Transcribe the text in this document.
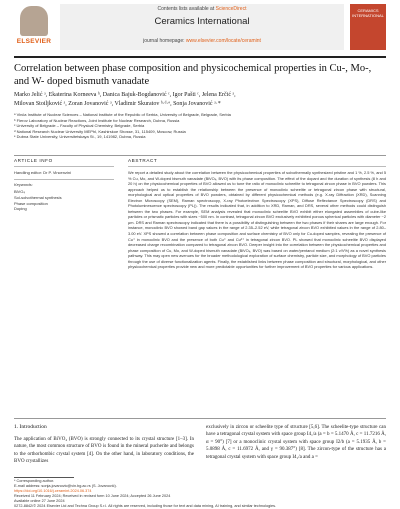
ELSEVIER
Contents lists available at ScienceDirect
Ceramics International
journal homepage: www.elsevier.com/locate/ceramint
CERAMICS INTERNATIONAL
Correlation between phase composition and physicochemical properties in Cu-, Mo-, and W- doped bismuth vanadate
Marko Jelić ᵃ, Ekaterina Korneeva ᵇ, Danica Bajuk-Bogdanović ᶜ, Igor Pašti ᶜ, Jelena Erčić ᵃ,
Milovan Stoiljković ᵃ, Zoran Jovanović ᵃ, Vladimir Skuratov ᵇ·ᵈ·ᵉ, Sonja Jovanović ᵃ·*
ᵃ Vinča Institute of Nuclear Sciences – National Institute of the Republic of Serbia, University of Belgrade, Belgrade, Serbia
ᵇ Flerov Laboratory of Nuclear Reactions, Joint Institute for Nuclear Research, Dubna, Russia
ᶜ University of Belgrade – Faculty of Physical Chemistry, Belgrade, Serbia
ᵈ National Research Nuclear University MEPhI, Kashirskoe Shosse, 31, 115409, Moscow, Russia
ᵉ Dubna State University, Universitetskaya St., 19, 141982, Dubna, Russia
ARTICLE INFO
Handling editor: Dr P. Vincenzini
Keywords:
BiVO₄
Sol-solvothermal synthesis
Phase composition
Doping
ABSTRACT
We report a detailed study about the correlation between the physicochemical properties of solvothermally synthesized pristine and 1 %, 2.5 %, and 5 % Cu, Mo, and W-doped bismuth vanadate (BiVO₄, BVO) with its phase composition. The effect of the dopant and the duration of synthesis (8 h and 20 h) on the physicochemical properties of BVO allowed us to tune the ratio of monoclinic scheelite to tetragonal zircon phase in BVO powders. This approach helped us to establish the relationship between the presence of monoclinic scheelite or tetragonal zircon phase with structural, morphological and optical properties of BVO powders, obtained by different physicochemical methods (e.g. X-ray Diffraction (XRD), Scanning Electron Microscopy (SEM), Raman spectroscopy, X-ray Photoelectron Spectroscopy (XPS), Diffuse Reflectance Spectroscopy (DRS) and Photoluminescence spectroscopy (PL)). The results indicated that, in addition to XRD, Raman, and DRS, several other methods could distinguish between the two phases. For example, SEM analysis revealed that monoclinic scheelite BVO exhibit either elongated assemblies of cube-like particles or prismatic particles with sizes ~500 nm. In contrast, tetragonal zircon BVO exclusively exhibited porous spherical particles with diameter ~2 μm. DRS and Raman spectroscopy indicated that there is a possibility of distinguishing between the two phases if their shares are large enough. For instance, monoclinic BVO showed band gap values in the range of 2.35–2.52 eV, while tetragonal zircon BVO exhibited values in the range of 2.80–3.00 eV. XPS showed a correlation between phase composition and surface chemistry of BVO only for Cu-doped samples, revealing the presence of Cu⁺ in monoclinic BVO and the presence of both Cu⁺ and Cu²⁺ in tetragonal zircon BVO. PL showed that monoclinic scheelite BVO displayed decreased charge recombination compared to tetragonal zircon BVO. Deeper insight into the correlation between the physicochemical properties and phase composition of Cu, Mo, and W-doped bismuth vanadate (BiVO₄, BVO) was based on water/pentanol medium (2:1 v/V%) as a novel synthesis pathway. This may open new avenues for the broader methodological exploration of surface chemistry, particle size, and morphology of BVO particles through the use of diverse functionalization agents. Finally, the established links between phase composition and structural, morphological, and other physicochemical properties provide new and more predictable opportunities for further improvement of BVO properties for various applications.
1. Introduction
The application of BiVO₄ (BVO) is strongly connected to its crystal structure [1–3]. In nature, the most common structure of BVO is found in the mineral pucherite and belongs to the orthorhombic crystal system [4]. On the other hand, in laboratory conditions, the BVO crystallizes
exclusively in zircon or scheelite type of structure [5,6]. The scheelite-type structure can have a tetragonal crystal system with space group I4₁/a (a = b = 5.1470 Å, c = 11.7216 Å, α = 90°) [7] or a monoclinic crystal system with space group I2/b (a = 5.1935 Å, b = 5.0898 Å, c = 11.6972 Å, and γ = 90.387°) [8]. The zircon-type of the structure has a tetragonal crystal system with space group I4₁/a and a =
* Corresponding author.
E-mail address: sonja.jovanovic@vin.bg.ac.rs (S. Jovanović).
https://doi.org/10.1016/j.ceramint.2024.06.374
Received 11 February 2024; Received in revised form 10 June 2024; Accepted 26 June 2024
Available online 27 June 2024
0272-8842/© 2024 Elsevier Ltd and Techna Group S.r.l. All rights are reserved, including those for text and data mining, AI training, and similar technologies.
